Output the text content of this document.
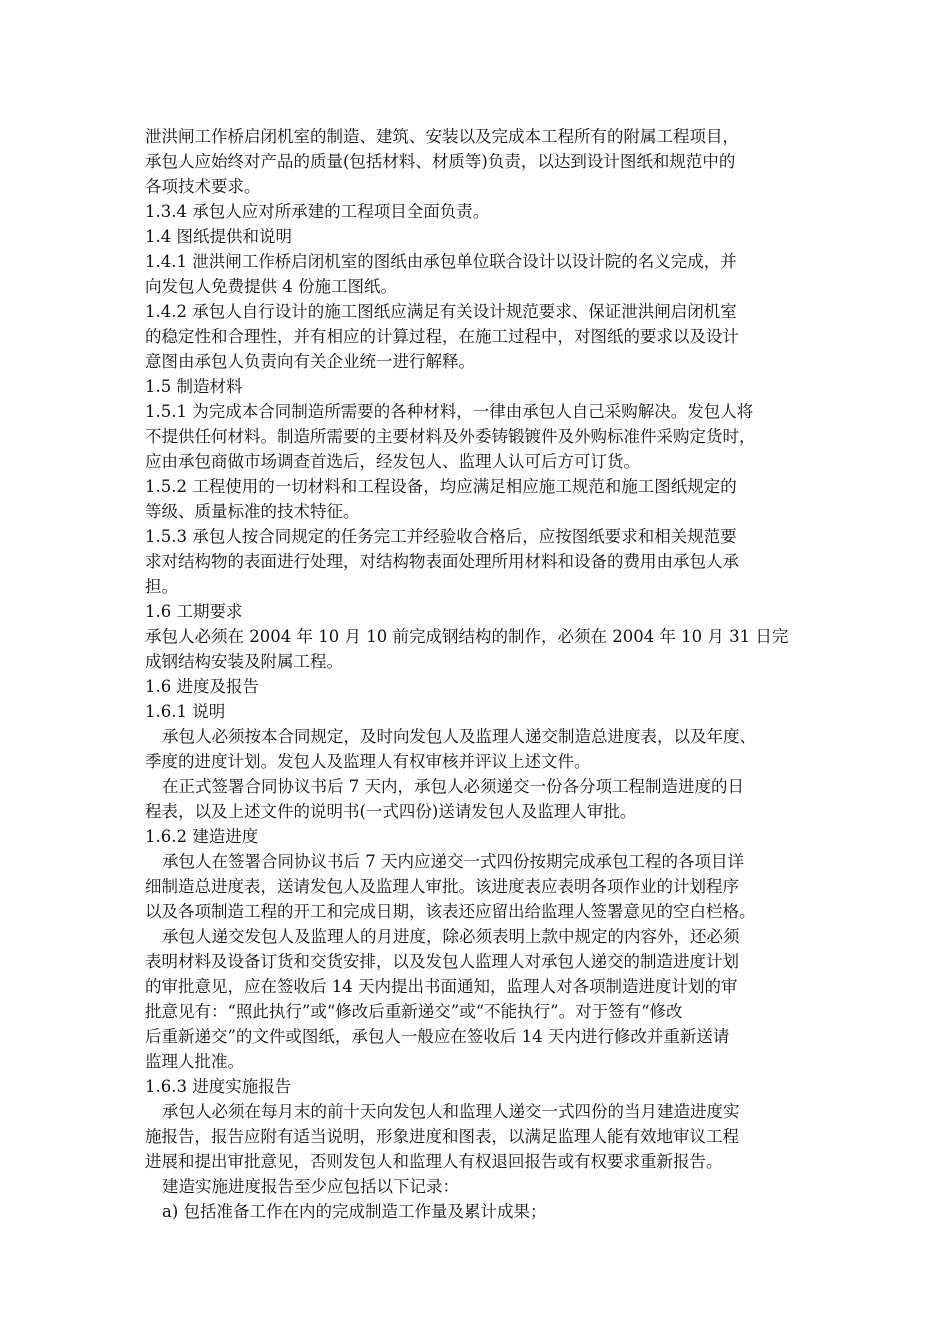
泄洪闸工作桥启闭机室的制造、建筑、安装以及完成本工程所有的附属工程项目，

承包人应始终对产品的质量(包括材料、材质等)负责，以达到设计图纸和规范中的

各项技术要求。

1.3.4 承包人应对所承建的工程项目全面负责。

1.4 图纸提供和说明

1.4.1 泄洪闸工作桥启闭机室的图纸由承包单位联合设计以设计院的名义完成，并

向发包人免费提供 4 份施工图纸。

1.4.2 承包人自行设计的施工图纸应满足有关设计规范要求、保证泄洪闸启闭机室

的稳定性和合理性，并有相应的计算过程，在施工过程中，对图纸的要求以及设计

意图由承包人负责向有关企业统一进行解释。

1.5 制造材料

1.5.1 为完成本合同制造所需要的各种材料，一律由承包人自己采购解决。发包人将

不提供任何材料。制造所需要的主要材料及外委铸锻镀件及外购标准件采购定货时，

应由承包商做市场调查首选后，经发包人、监理人认可后方可订货。

1.5.2 工程使用的一切材料和工程设备，均应满足相应施工规范和施工图纸规定的

等级、质量标准的技术特征。

1.5.3 承包人按合同规定的任务完工并经验收合格后，应按图纸要求和相关规范要

求对结构物的表面进行处理，对结构物表面处理所用材料和设备的费用由承包人承

担。

1.6 工期要求

承包人必须在 2004 年 10 月 10 前完成钢结构的制作，必须在 2004 年 10 月 31 日完

成钢结构安装及附属工程。

1.6 进度及报告

1.6.1 说明

承包人必须按本合同规定，及时向发包人及监理人递交制造总进度表，以及年度、

季度的进度计划。发包人及监理人有权审核并评议上述文件。

在正式签署合同协议书后 7 天内，承包人必须递交一份各分项工程制造进度的日

程表，以及上述文件的说明书(一式四份)送请发包人及监理人审批。

1.6.2 建造进度

承包人在签署合同协议书后 7 天内应递交一式四份按期完成承包工程的各项目详

细制造总进度表，送请发包人及监理人审批。该进度表应表明各项作业的计划程序

以及各项制造工程的开工和完成日期，该表还应留出给监理人签署意见的空白栏格。

承包人递交发包人及监理人的月进度，除必须表明上款中规定的内容外，还必须

表明材料及设备订货和交货安排，以及发包人监理人对承包人递交的制造进度计划

的审批意见，应在签收后 14 天内提出书面通知，监理人对各项制造进度计划的审

批意见有：“照此执行”或“修改后重新递交”或“不能执行”。对于签有“修改

后重新递交”的文件或图纸，承包人一般应在签收后 14 天内进行修改并重新送请

监理人批准。

1.6.3 进度实施报告

承包人必须在每月末的前十天向发包人和监理人递交一式四份的当月建造进度实

施报告，报告应附有适当说明，形象进度和图表，以满足监理人能有效地审议工程

进展和提出审批意见，否则发包人和监理人有权退回报告或有权要求重新报告。

建造实施进度报告至少应包括以下记录：

a) 包括准备工作在内的完成制造工作量及累计成果；
